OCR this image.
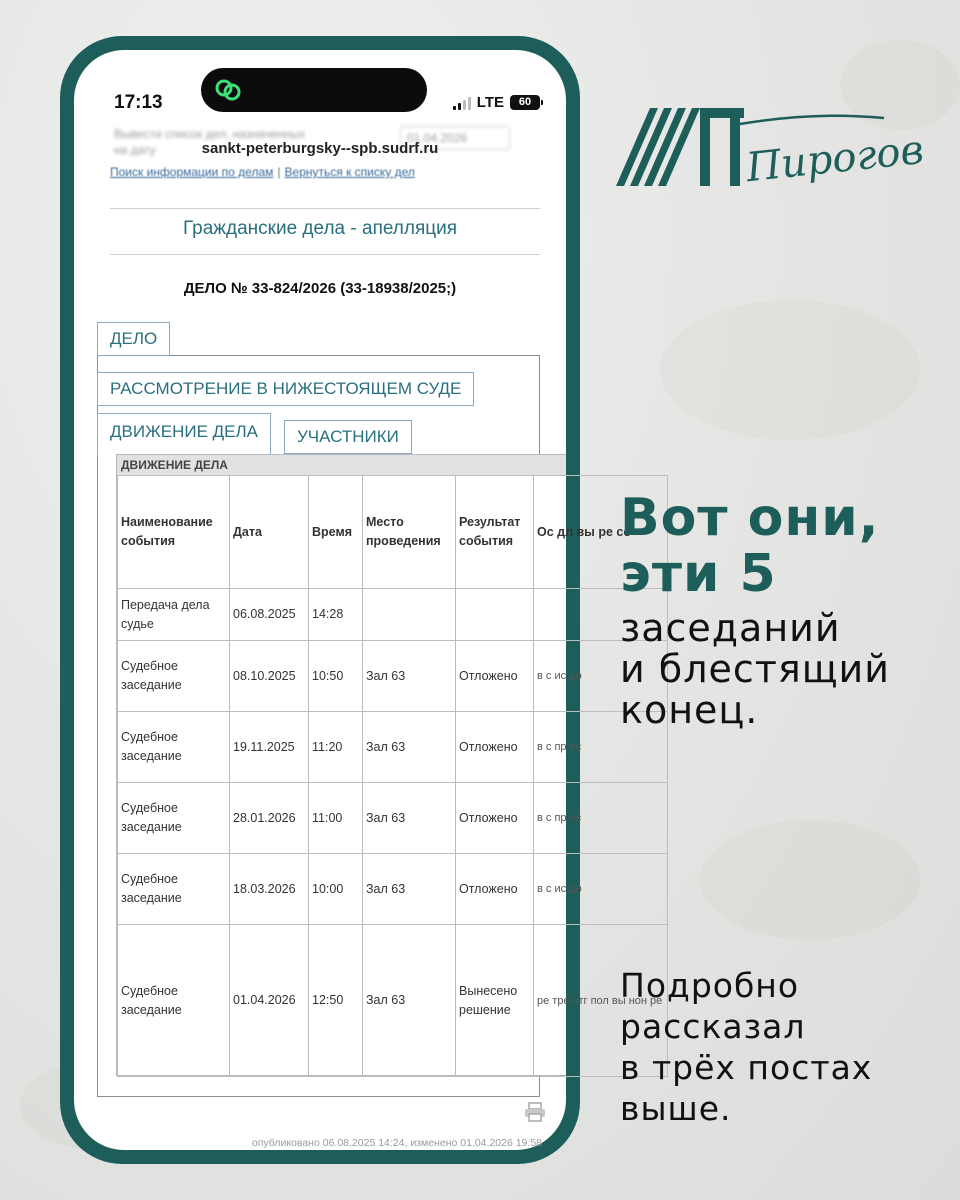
17:13	LTE	60
Вывести список дел, назначенных на дату
01.04.2026
sankt-peterburgsky--spb.sudrf.ru
Поиск информации по делам | Вернуться к списку дел
Гражданские дела - апелляция
ДЕЛО № 33-824/2026 (33-18938/2025;)
ДЕЛО
РАССМОТРЕНИЕ В НИЖЕСТОЯЩЕМ СУДЕ
УЧАСТНИКИ
ДВИЖЕНИЕ ДЕЛА
ДВИЖЕНИЕ ДЕЛА
Наименование события	Дата	Время	Место проведения	Результат события	Ос дл вы ре со
Передача дела судье	06.08.2025	14:28			
Судебное заседание	08.10.2025	10:50	Зал 63	Отложено	в с ис до
Судебное заседание	19.11.2025	11:20	Зал 63	Отложено	в с пр ос
Судебное заседание	28.01.2026	11:00	Зал 63	Отложено	в с пр ос
Судебное заседание	18.03.2026	10:00	Зал 63	Отложено	в с ис до
Судебное заседание	01.04.2026	12:50	Зал 63	Вынесено решение	ре тре отг пол вы нон ре
опубликовано 06.08.2025 14:24, изменено 01.04.2026 19:58
Пирогов
Вот они,
эти 5
заседаний
и блестящий
конец.
Подробно
рассказал
в трёх постах
выше.
